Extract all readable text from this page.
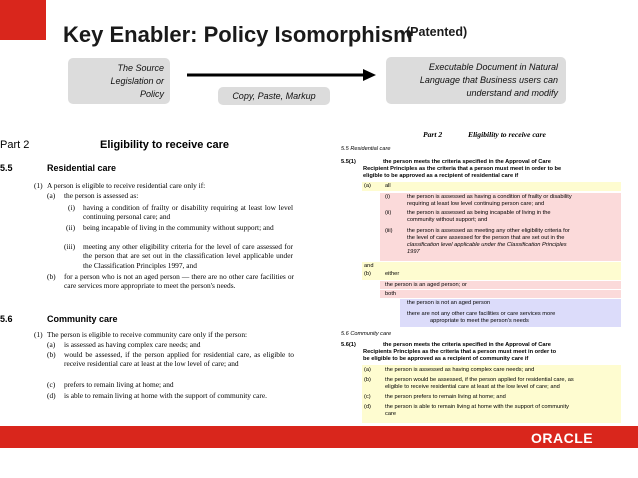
Key Enabler: Policy Isomorphism
(Patented)
The Source
Legislation or
Policy	Copy, Paste, Markup
Executable Document in Natural
Language that Business users can
understand and modify
Part 2	Eligibility to receive care
5.5	Residential care
(1) A person is eligible to receive residential care only if:
(a) the person is assessed as:
(i) having a condition of frailty or disability requiring at least low level continuing personal care; and
(ii) being incapable of living in the community without support; and
(iii) meeting any other eligibility criteria for the level of care assessed for the person that are set out in the classification level applicable under the Classification Principles 1997, and
(b) for a person who is not an aged person — there are no other care facilities or care services more appropriate to meet the person's needs.
5.6	Community care
(1) The person is eligible to receive community care only if the person:
(a) is assessed as having complex care needs; and
(b) would be assessed, if the person applied for residential care, as eligible to receive residential care at least at the low level of care; and
(c) prefers to remain living at home; and
(d) is able to remain living at home with the support of community care.
Part 2	Eligibility to receive care
5.5 Residential care
5.5(1)	the person meets the criteria specified in the Approval of Care
Recipient Principles as the criteria that a person must meet in order to be
eligible to be approved as a recipient of residential care if
(a) all
(i)	the person is assessed as having a condition of frailty or disability
requiring at least low level continuing person care; and
(ii)	the person is assessed as being incapable of living in the
community without support; and
(iii)	the person is assessed as meeting any other eligibility criteria for
the level of care assessed for the person that are set out in the
classification level applicable under the Classification Principles
1997
and
(b) either
the person is an aged person; or
both
the person is not an aged person
there are not any other care facilities or care services more
appropriate to meet the person's needs
5.6 Community care
5.6(1)	the person meets the criteria specified in the Approval of Care
Recipients Principles as the criteria that a person must meet in order to
be eligible to be approved as a recipient of community care if
(a) the person is assessed as having complex care needs; and
(b) the person would be assessed, if the person applied for residential care, as
eligible to receive residential care at least at the low level of care; and
(c)	the person prefers to remain living at home; and
(d) the person is able to remain living at home with the support of community
care
ORACLE
